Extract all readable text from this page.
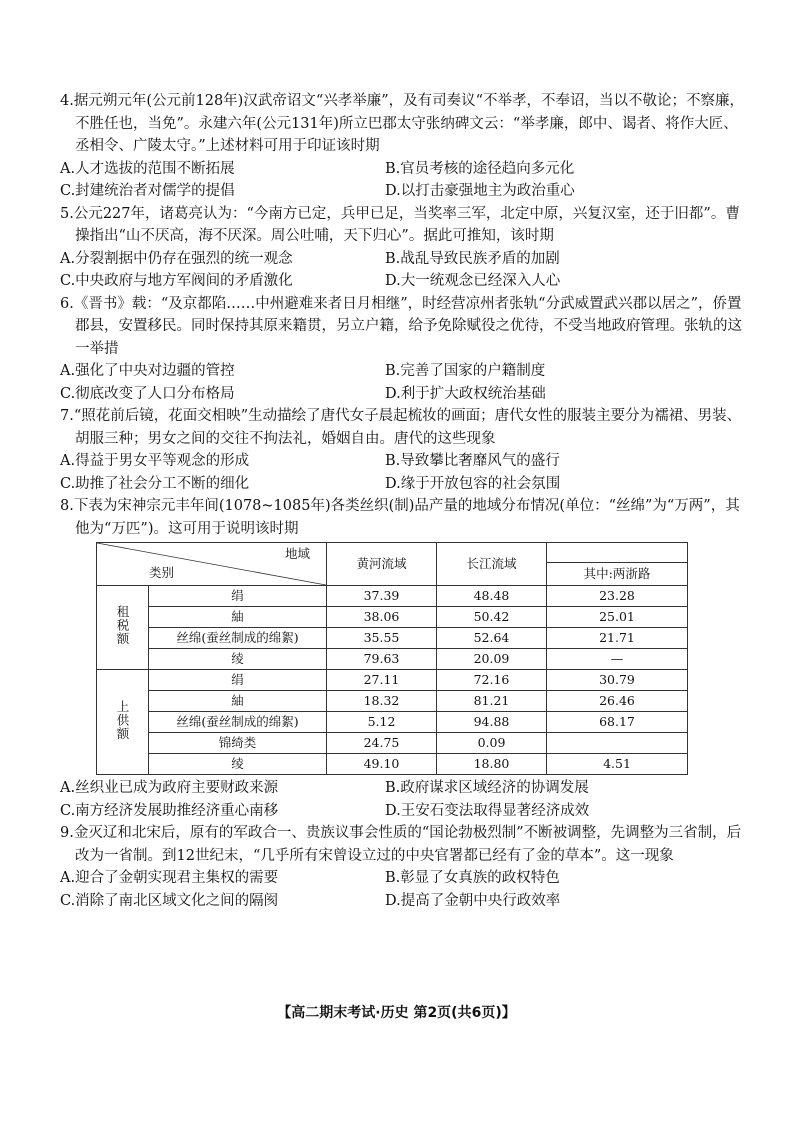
4.据元朔元年(公元前128年)汉武帝诏文“兴孝举廉”，及有司奏议“不举孝，不奉诏，当以不敬论；不察廉，不胜任也，当免”。永建六年(公元131年)所立巴郡太守张纳碑文云：“举孝廉，郎中、谒者、将作大匠、丞相令、广陵太守。”上述材料可用于印证该时期
A.人才选拔的范围不断拓展	B.官员考核的途径趋向多元化
C.封建统治者对儒学的提倡	D.以打击豪强地主为政治重心
5.公元227年，诸葛亮认为：“今南方已定，兵甲已足，当奖率三军，北定中原，兴复汉室，还于旧都”。曹操指出“山不厌高，海不厌深。周公吐哺，天下归心”。据此可推知，该时期
A.分裂割据中仍存在强烈的统一观念	B.战乱导致民族矛盾的加剧
C.中央政府与地方军阀间的矛盾激化	D.大一统观念已经深入人心
6.《晋书》载：“及京都陷……中州避难来者日月相继”，时经营凉州者张轨“分武威置武兴郡以居之”，侨置郡县，安置移民。同时保持其原来籍贯，另立户籍，给予免除赋役之优待，不受当地政府管理。张轨的这一举措
A.强化了中央对边疆的管控	B.完善了国家的户籍制度
C.彻底改变了人口分布格局	D.利于扩大政权统治基础
7.“照花前后镜，花面交相映”生动描绘了唐代女子晨起梳妆的画面；唐代女性的服装主要分为襦裙、男装、胡服三种；男女之间的交往不拘法礼，婚姻自由。唐代的这些现象
A.得益于男女平等观念的形成	B.导致攀比奢靡风气的盛行
C.助推了社会分工不断的细化	D.缘于开放包容的社会氛围
8.下表为宋神宗元丰年间(1078~1085年)各类丝织(制)品产量的地域分布情况(单位：“丝绵”为“万两”，其他为“万匹”)。这可用于说明该时期
地域
类别		黄河流域	长江流域	
				其中:两浙路
租税额	绢	37.39	48.48	23.28
	紬	38.06	50.42	25.01
	丝绵(蚕丝制成的绵絮)	35.55	52.64	21.71
	绫	79.63	20.09	—
上供额	绢	27.11	72.16	30.79
	紬	18.32	81.21	26.46
	丝绵(蚕丝制成的绵絮)	5.12	94.88	68.17
	锦绮类	24.75	0.09	
	绫	49.10	18.80	4.51
A.丝织业已成为政府主要财政来源	B.政府谋求区域经济的协调发展
C.南方经济发展助推经济重心南移	D.王安石变法取得显著经济成效
9.金灭辽和北宋后，原有的军政合一、贵族议事会性质的“国论勃极烈制”不断被调整，先调整为三省制，后改为一省制。到12世纪末，“几乎所有宋曾设立过的中央官署都已经有了金的草本”。这一现象
A.迎合了金朝实现君主集权的需要	B.彰显了女真族的政权特色
C.消除了南北区域文化之间的隔阂	D.提高了金朝中央行政效率
【高二期末考试·历史 第2页(共6页)】
